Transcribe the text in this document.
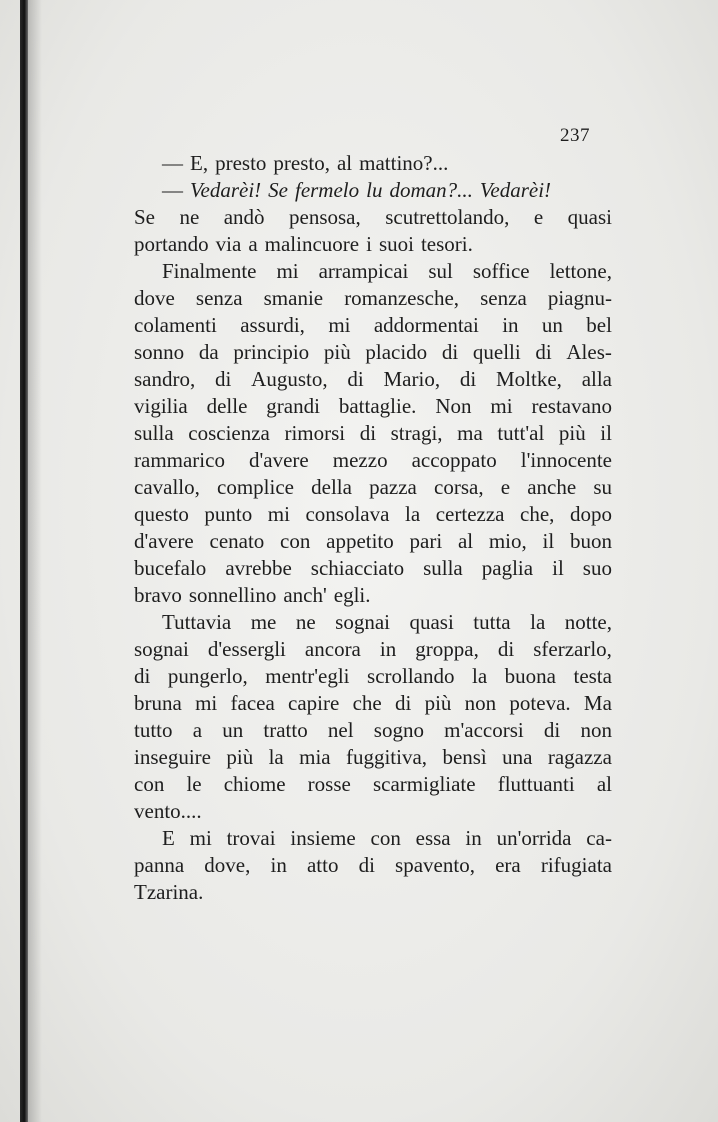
237
— E, presto presto, al mattino?...
— Vedarèi! Se fermelo lu doman?... Vedarèi!
Se ne andò pensosa, scutrettolando, e quasi
portando via a malincuore i suoi tesori.
Finalmente mi arrampicai sul soffice lettone,
dove senza smanie romanzesche, senza piagnu-
colamenti assurdi, mi addormentai in un bel
sonno da principio più placido di quelli di Ales-
sandro, di Augusto, di Mario, di Moltke, alla
vigilia delle grandi battaglie. Non mi restavano
sulla coscienza rimorsi di stragi, ma tutt'al più il
rammarico d'avere mezzo accoppato l'innocente
cavallo, complice della pazza corsa, e anche su
questo punto mi consolava la certezza che, dopo
d'avere cenato con appetito pari al mio, il buon
bucefalo avrebbe schiacciato sulla paglia il suo
bravo sonnellino anch' egli.
Tuttavia me ne sognai quasi tutta la notte,
sognai d'essergli ancora in groppa, di sferzarlo,
di pungerlo, mentr'egli scrollando la buona testa
bruna mi facea capire che di più non poteva. Ma
tutto a un tratto nel sogno m'accorsi di non
inseguire più la mia fuggitiva, bensì una ragazza
con le chiome rosse scarmigliate fluttuanti al
vento....
E mi trovai insieme con essa in un'orrida ca-
panna dove, in atto di spavento, era rifugiata
Tzarina.
